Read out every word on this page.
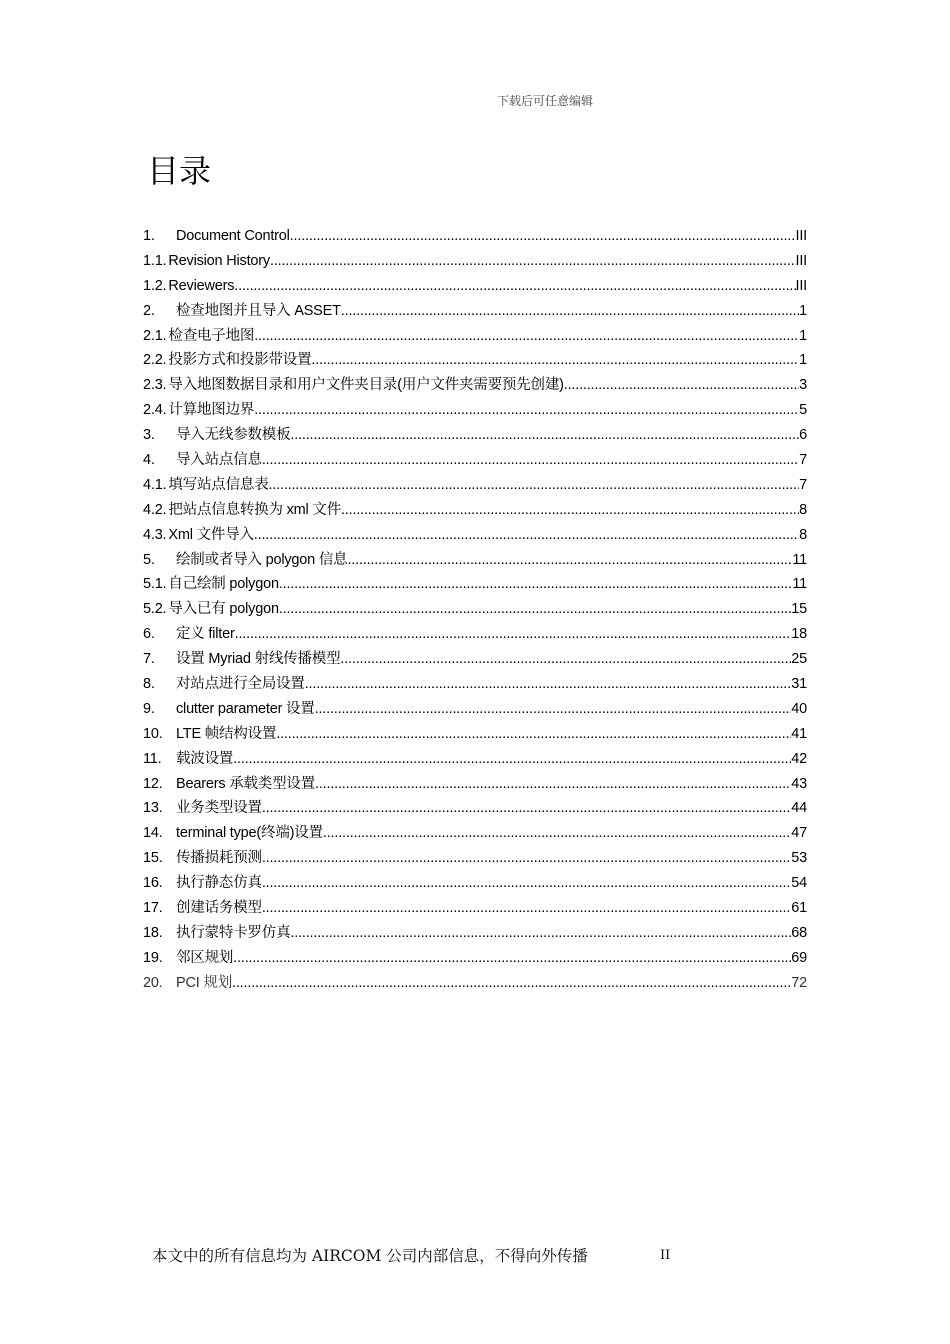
下载后可任意编辑
目录
1.	Document Control .....	III
1.1. Revision History .....	III
1.2. Reviewers .....	III
2.	检查地图并且导入 ASSET .....	1
2.1. 检查电子地图 .....	1
2.2. 投影方式和投影带设置 .....	1
2.3. 导入地图数据目录和用户文件夹目录(用户文件夹需要预先创建) .....	3
2.4. 计算地图边界 .....	5
3.	导入无线参数模板 .....	6
4.	导入站点信息 .....	7
4.1. 填写站点信息表 .....	7
4.2. 把站点信息转换为 xml 文件 .....	8
4.3. Xml 文件导入 .....	8
5.	绘制或者导入 polygon 信息 .....	11
5.1. 自己绘制 polygon .....	11
5.2. 导入已有 polygon .....	15
6.	定义 filter .....	18
7.	设置 Myriad 射线传播模型 .....	25
8.	对站点进行全局设置 .....	31
9.	clutter parameter 设置 .....	40
10. LTE 帧结构设置 .....	41
11.	载波设置 .....	42
12. Bearers 承载类型设置 .....	43
13. 业务类型设置 .....	44
14. terminal type(终端)设置 .....	47
15. 传播损耗预测 .....	53
16. 执行静态仿真 .....	54
17. 创建话务模型 .....	61
18. 执行蒙特卡罗仿真 .....	68
19. 邻区规划 .....	69
20. PCI 规划 .....	72
本文中的所有信息均为 AIRCOM 公司内部信息，不得向外传播	II
